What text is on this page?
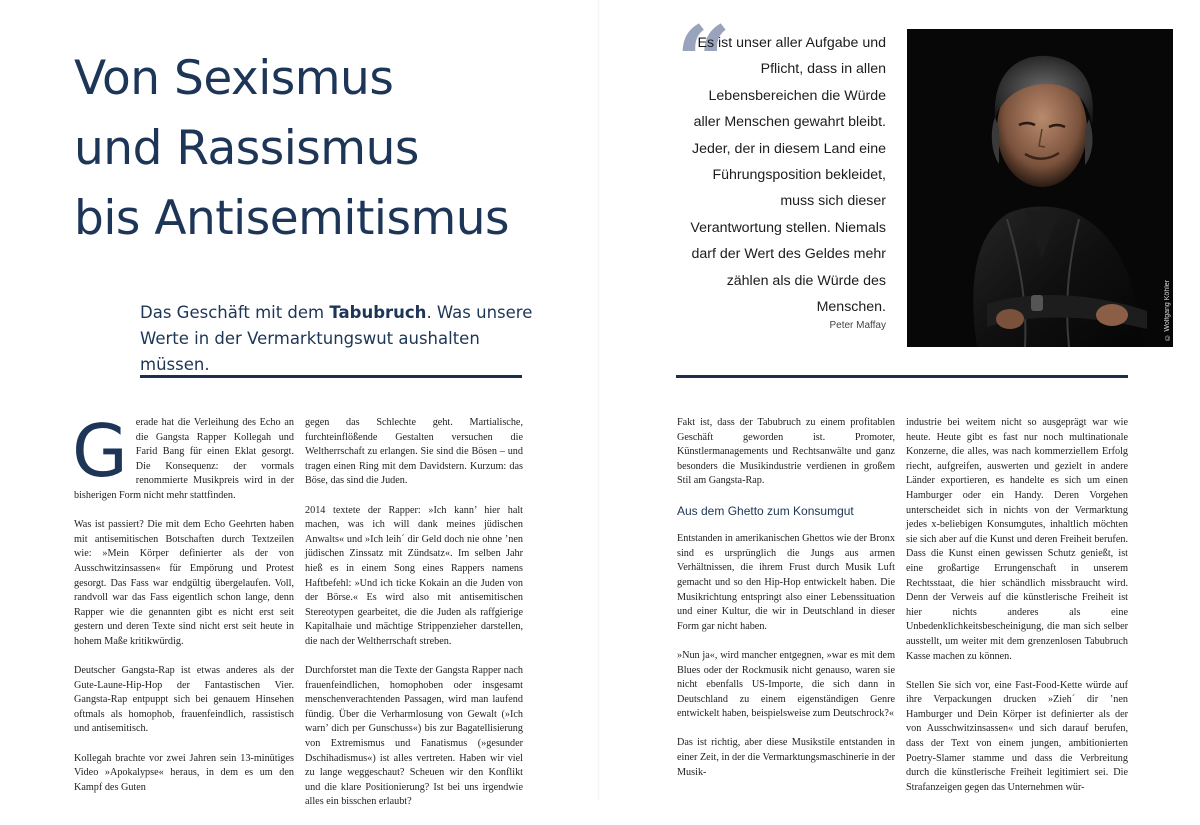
Von Sexismus
und Rassismus
bis Antisemitismus

Das Geschäft mit dem Tabubruch. Was unsere Werte in der Vermarktungswut aushalten müssen.

Gerade hat die Verleihung des Echo an die Gangsta Rapper Kollegah und Farid Bang für einen Eklat gesorgt. Die Konsequenz: der vormals renommierte Musikpreis wird in der bisherigen Form nicht mehr stattfinden.

Was ist passiert? Die mit dem Echo Geehrten haben mit antisemitischen Botschaften durch Textzeilen wie: »Mein Körper definierter als der von Ausschwitzinsassen« für Empörung und Protest gesorgt. Das Fass war endgültig übergelaufen. Voll, randvoll war das Fass eigentlich schon lange, denn Rapper wie die genannten gibt es nicht erst seit gestern und deren Texte sind nicht erst seit heute in hohem Maße kritikwürdig.

Deutscher Gangsta-Rap ist etwas anderes als der Gute-Laune-Hip-Hop der Fantastischen Vier. Gangsta-Rap entpuppt sich bei genauem Hinsehen oftmals als homophob, frauenfeindlich, rassistisch und antisemitisch.

Kollegah brachte vor zwei Jahren sein 13-minütiges Video »Apokalypse« heraus, in dem es um den Kampf des Guten

gegen das Schlechte geht. Martialische, furchteinflößende Gestalten versuchen die Weltherrschaft zu erlangen. Sie sind die Bösen – und tragen einen Ring mit dem Davidstern. Kurzum: das Böse, das sind die Juden.

2014 textete der Rapper: »Ich kann’ hier halt machen, was ich will dank meines jüdischen Anwalts« und »Ich leih´ dir Geld doch nie ohne ’nen jüdischen Zinssatz mit Zündsatz«. Im selben Jahr hieß es in einem Song eines Rappers namens Haftbefehl: »Und ich ticke Kokain an die Juden von der Börse.« Es wird also mit antisemitischen Stereotypen gearbeitet, die die Juden als raffgierige Kapitalhaie und mächtige Strippenzieher darstellen, die nach der Weltherrschaft streben.

Durchforstet man die Texte der Gangsta Rapper nach frauenfeindlichen, homophoben oder insgesamt menschenverachtenden Passagen, wird man laufend fündig. Über die Verharmlosung von Gewalt (»Ich warn’ dich per Gunschuss«) bis zur Bagatellisierung von Extremismus und Fanatismus (»gesunder Dschihadismus«) ist alles vertreten. Haben wir viel zu lange weggeschaut? Scheuen wir den Konflikt und die klare Positionierung? Ist bei uns irgendwie alles ein bisschen erlaubt?

“

Es ist unser aller Aufgabe und Pflicht, dass in allen Lebensbereichen die Würde aller Menschen gewahrt bleibt. Jeder, der in diesem Land eine Führungsposition bekleidet, muss sich dieser Verantwortung stellen. Niemals darf der Wert des Geldes mehr zählen als die Würde des Menschen.

Peter Maffay	© Wolfgang Köhler

Fakt ist, dass der Tabubruch zu einem profitablen Geschäft geworden ist. Promoter, Künstlermanagements und Rechtsanwälte und ganz besonders die Musikindustrie verdienen in großem Stil am Gangsta-Rap.

Aus dem Ghetto zum Konsumgut

Entstanden in amerikanischen Ghettos wie der Bronx sind es ursprünglich die Jungs aus armen Verhältnissen, die ihrem Frust durch Musik Luft gemacht und so den Hip-Hop entwickelt haben. Die Musikrichtung entspringt also einer Lebenssituation und einer Kultur, die wir in Deutschland in dieser Form gar nicht haben.

»Nun ja«, wird mancher entgegnen, »war es mit dem Blues oder der Rockmusik nicht genauso, waren sie nicht ebenfalls US-Importe, die sich dann in Deutschland zu einem eigenständigen Genre entwickelt haben, beispielsweise zum Deutschrock?«

Das ist richtig, aber diese Musikstile entstanden in einer Zeit, in der die Vermarktungsmaschinerie in der Musik-

industrie bei weitem nicht so ausgeprägt war wie heute. Heute gibt es fast nur noch multinationale Konzerne, die alles, was nach kommerziellem Erfolg riecht, aufgreifen, auswerten und gezielt in andere Länder exportieren, es handelte es sich um einen Hamburger oder ein Handy. Deren Vorgehen unterscheidet sich in nichts von der Vermarktung jedes x-beliebigen Konsumgutes, inhaltlich möchten sie sich aber auf die Kunst und deren Freiheit berufen. Dass die Kunst einen gewissen Schutz genießt, ist eine großartige Errungenschaft in unserem Rechtsstaat, die hier schändlich missbraucht wird. Denn der Verweis auf die künstlerische Freiheit ist hier nichts anderes als eine Unbedenklichkeitsbescheinigung, die man sich selber ausstellt, um weiter mit dem grenzenlosen Tabubruch Kasse machen zu können.

Stellen Sie sich vor, eine Fast-Food-Kette würde auf ihre Verpackungen drucken »Zieh´ dir ’nen Hamburger und Dein Körper ist definierter als der von Ausschwitzinsassen« und sich darauf berufen, dass der Text von einem jungen, ambitionierten Poetry-Slamer stamme und dass die Verbreitung durch die künstlerische Freiheit legitimiert sei. Die Strafanzeigen gegen das Unternehmen wür-
